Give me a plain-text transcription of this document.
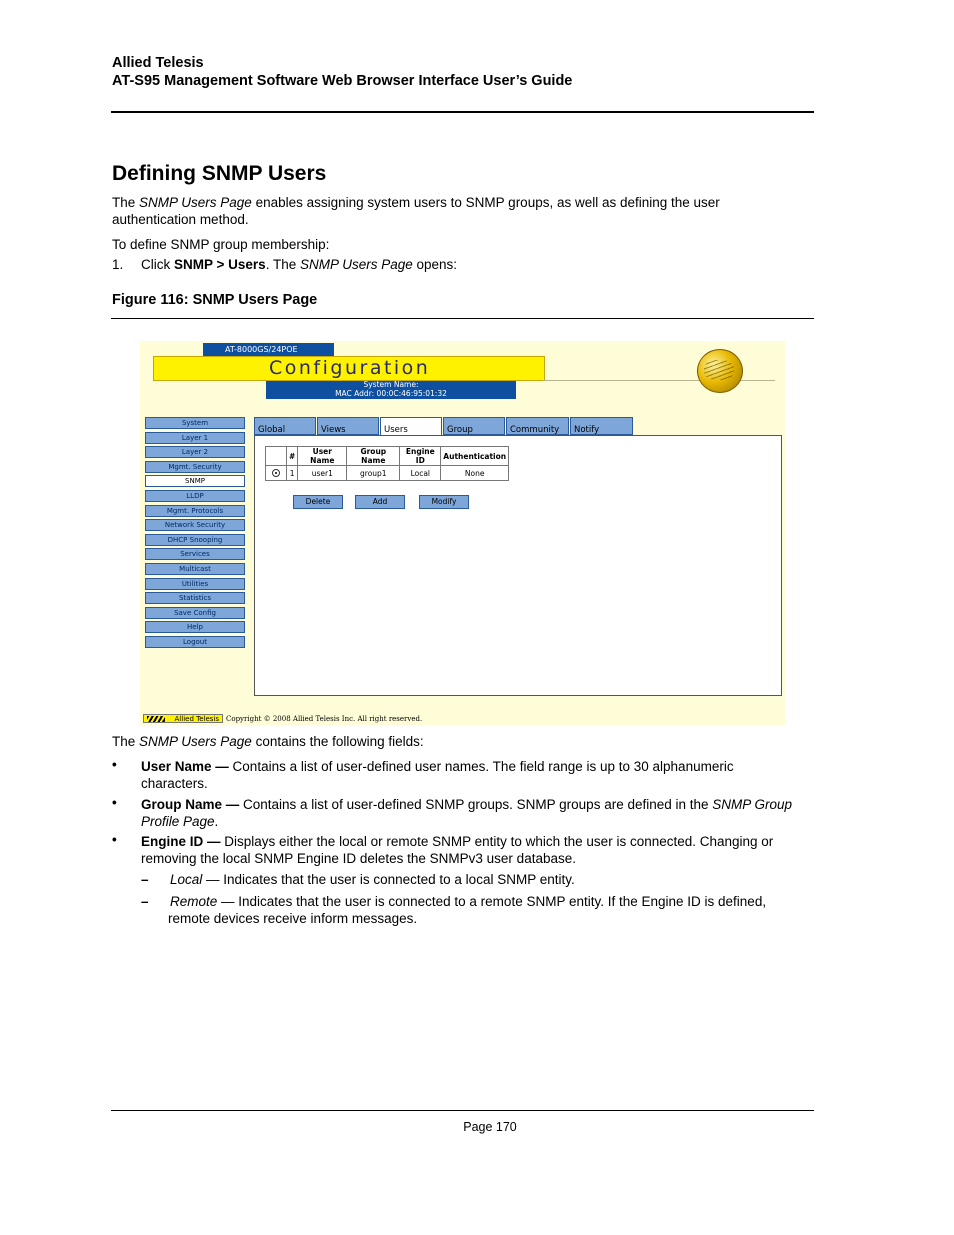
Allied Telesis
AT-S95 Management Software Web Browser Interface User’s Guide
Defining SNMP Users
The SNMP Users Page enables assigning system users to SNMP groups, as well as defining the user
authentication method.
To define SNMP group membership:
1. Click SNMP > Users. The SNMP Users Page opens:
Figure 116: SNMP Users Page
AT-8000GS/24POE
Configuration
System Name:
MAC Addr: 00:0C:46:95:01:32
System
Layer 1
Layer 2
Mgmt. Security
SNMP
LLDP
Mgmt. Protocols
Network Security
DHCP Snooping
Services
Multicast
Utilities
Statistics
Save Config
Help
Logout
Global	Views	Users	Group	Community	Notify
	#	User Name	Group Name	Engine ID	Authentication
	1	user1	group1	Local	None
Delete	Add	Modify
Allied Telesis	Copyright © 2008 Allied Telesis Inc. All right reserved.
The SNMP Users Page contains the following fields:
• User Name — Contains a list of user-defined user names. The field range is up to 30 alphanumeric
characters.
• Group Name — Contains a list of user-defined SNMP groups. SNMP groups are defined in the SNMP Group
Profile Page.
• Engine ID — Displays either the local or remote SNMP entity to which the user is connected. Changing or
removing the local SNMP Engine ID deletes the SNMPv3 user database.
– Local — Indicates that the user is connected to a local SNMP entity.
– Remote — Indicates that the user is connected to a remote SNMP entity. If the Engine ID is defined,
remote devices receive inform messages.
Page 170
